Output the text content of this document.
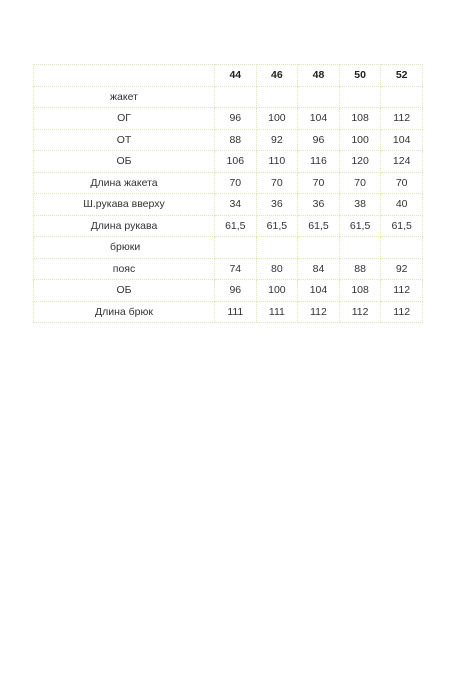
	44	46	48	50	52
жакет					
ОГ	96	100	104	108	112
ОТ	88	92	96	100	104
ОБ	106	110	116	120	124
Длина жакета	70	70	70	70	70
Ш.рукава вверху	34	36	36	38	40
Длина рукава	61,5	61,5	61,5	61,5	61,5
брюки					
пояс	74	80	84	88	92
ОБ	96	100	104	108	112
Длина брюк	111	111	112	112	112
